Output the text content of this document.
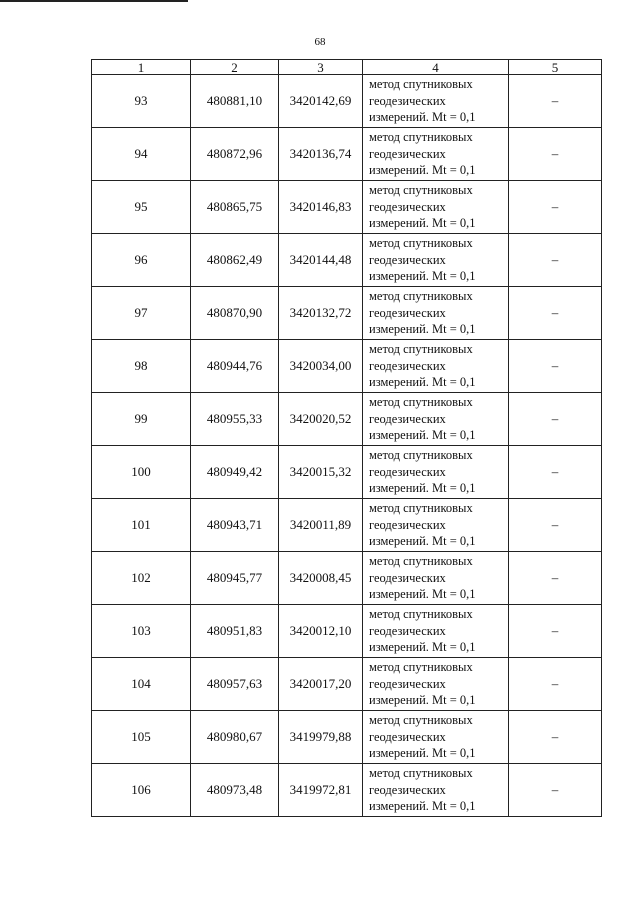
68
1	2	3	4	5
93	480881,10	3420142,69	метод спутниковых геодезических измерений. Mt = 0,1	–
94	480872,96	3420136,74	метод спутниковых геодезических измерений. Mt = 0,1	–
95	480865,75	3420146,83	метод спутниковых геодезических измерений. Mt = 0,1	–
96	480862,49	3420144,48	метод спутниковых геодезических измерений. Mt = 0,1	–
97	480870,90	3420132,72	метод спутниковых геодезических измерений. Mt = 0,1	–
98	480944,76	3420034,00	метод спутниковых геодезических измерений. Mt = 0,1	–
99	480955,33	3420020,52	метод спутниковых геодезических измерений. Mt = 0,1	–
100	480949,42	3420015,32	метод спутниковых геодезических измерений. Mt = 0,1	–
101	480943,71	3420011,89	метод спутниковых геодезических измерений. Mt = 0,1	–
102	480945,77	3420008,45	метод спутниковых геодезических измерений. Mt = 0,1	–
103	480951,83	3420012,10	метод спутниковых геодезических измерений. Mt = 0,1	–
104	480957,63	3420017,20	метод спутниковых геодезических измерений. Mt = 0,1	–
105	480980,67	3419979,88	метод спутниковых геодезических измерений. Mt = 0,1	–
106	480973,48	3419972,81	метод спутниковых геодезических измерений. Mt = 0,1	–
